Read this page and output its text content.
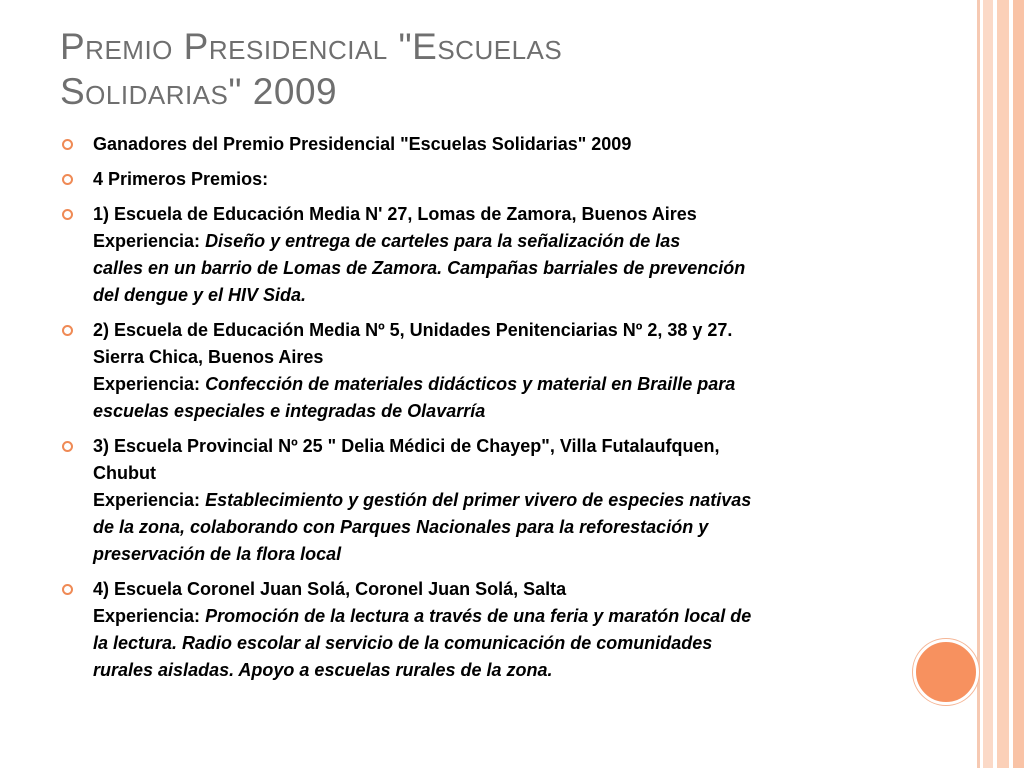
Premio Presidencial "Escuelas
Solidarias" 2009
Ganadores del Premio Presidencial "Escuelas Solidarias" 2009
4 Primeros Premios:
1) Escuela de Educación Media N' 27, Lomas de Zamora, Buenos Aires
Experiencia: Diseño y entrega de carteles para la señalización de las
calles en un barrio de Lomas de Zamora. Campañas barriales de prevención
del dengue y el HIV Sida.
2) Escuela de Educación Media Nº 5, Unidades Penitenciarias Nº 2, 38 y 27.
Sierra Chica, Buenos Aires
Experiencia: Confección de materiales didácticos y material en Braille para
escuelas especiales e integradas de Olavarría
3) Escuela Provincial Nº 25 " Delia Médici de Chayep", Villa Futalaufquen,
Chubut
Experiencia: Establecimiento y gestión del primer vivero de especies nativas
de la zona, colaborando con Parques Nacionales para la reforestación y
preservación de la flora local
4) Escuela Coronel Juan Solá, Coronel Juan Solá, Salta
Experiencia: Promoción de la lectura a través de una feria y maratón local de
la lectura. Radio escolar al servicio de la comunicación de comunidades
rurales aisladas. Apoyo a escuelas rurales de la zona.
